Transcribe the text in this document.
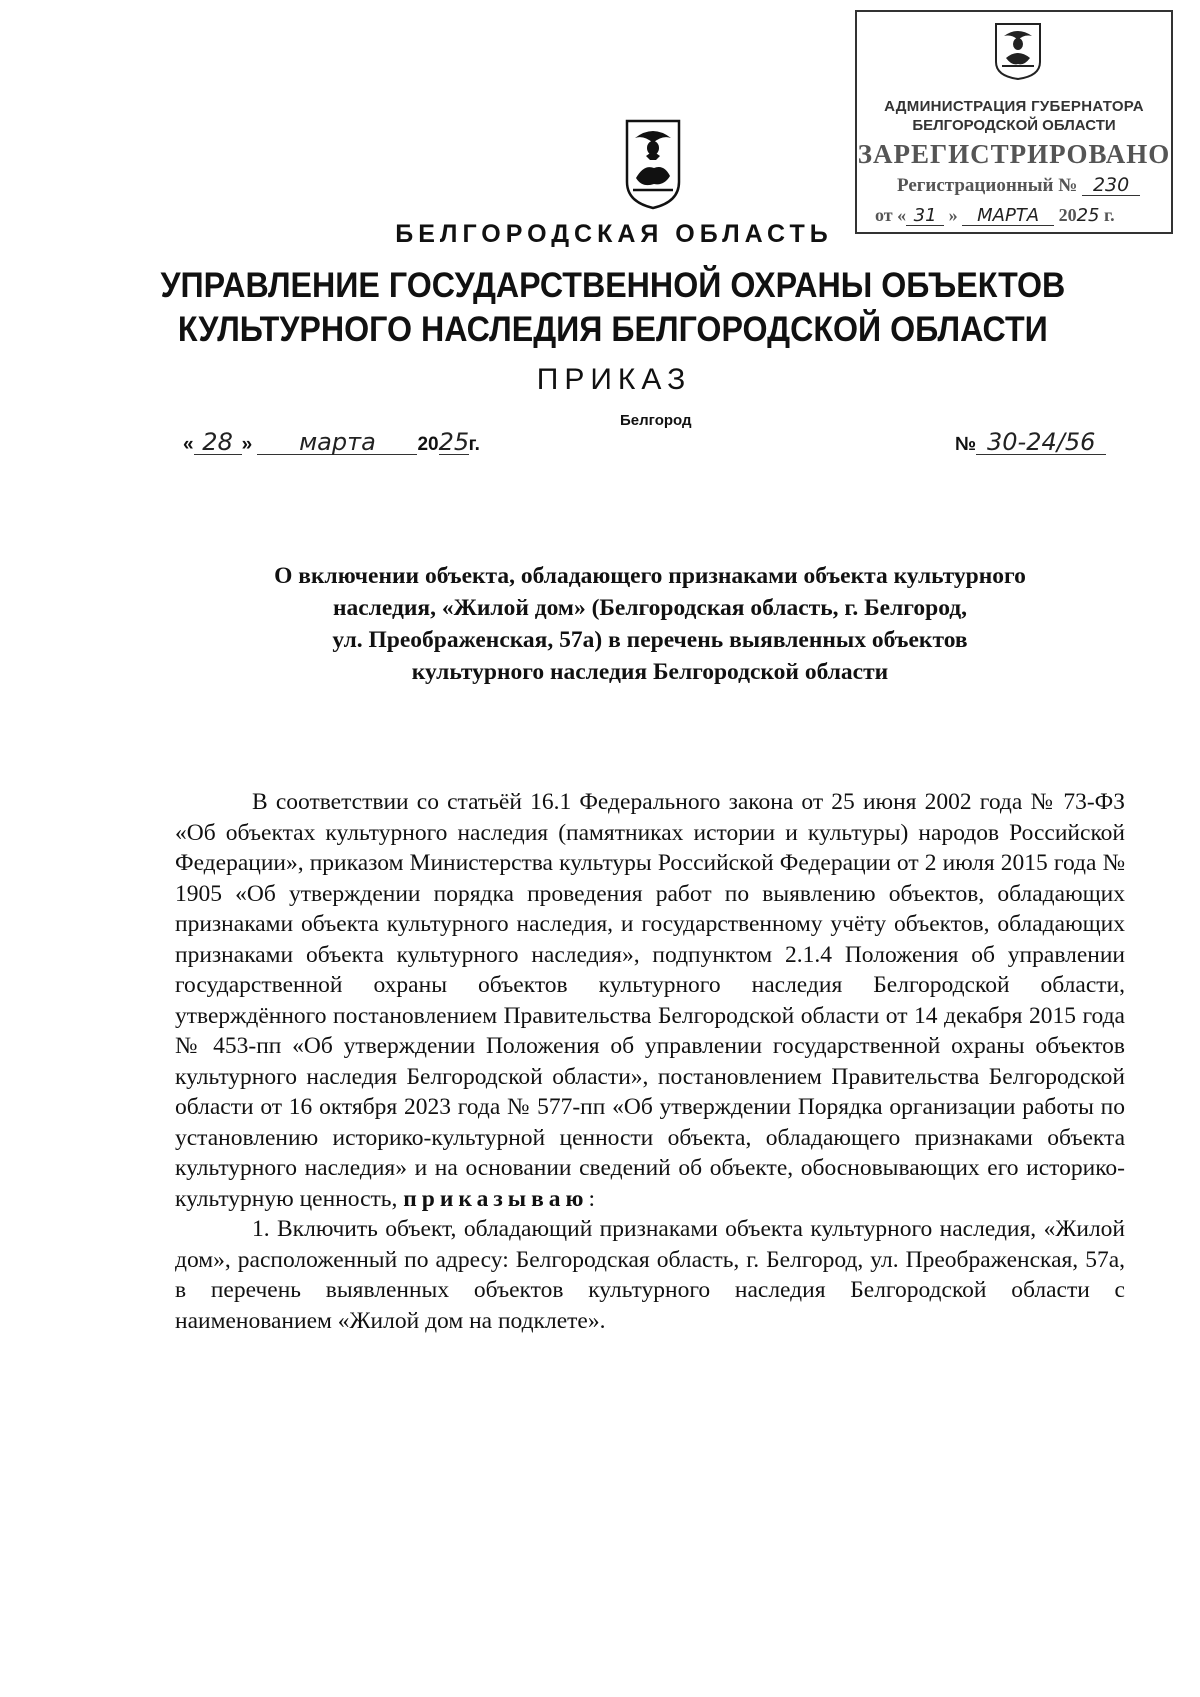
АДМИНИСТРАЦИЯ ГУБЕРНАТОРА
БЕЛГОРОДСКОЙ ОБЛАСТИ
ЗАРЕГИСТРИРОВАНО
Регистрационный № 230
от « 31 » МАРТА 2025 г.
БЕЛГОРОДСКАЯ ОБЛАСТЬ
УПРАВЛЕНИЕ ГОСУДАРСТВЕННОЙ ОХРАНЫ ОБЪЕКТОВ
КУЛЬТУРНОГО НАСЛЕДИЯ БЕЛГОРОДСКОЙ ОБЛАСТИ
ПРИКАЗ
Белгород
« 28 » марта 2025г.	№ 30-24/56
О включении объекта, обладающего признаками объекта культурного
наследия, «Жилой дом» (Белгородская область, г. Белгород,
ул. Преображенская, 57а) в перечень выявленных объектов
культурного наследия Белгородской области

В соответствии со статьёй 16.1 Федерального закона от 25 июня 2002 года № 73-ФЗ «Об объектах культурного наследия (памятниках истории и культуры) народов Российской Федерации», приказом Министерства культуры Российской Федерации от 2 июля 2015 года № 1905 «Об утверждении порядка проведения работ по выявлению объектов, обладающих признаками объекта культурного наследия, и государственному учёту объектов, обладающих признаками объекта культурного наследия», подпунктом 2.1.4 Положения об управлении государственной охраны объектов культурного наследия Белгородской области, утверждённого постановлением Правительства Белгородской области от 14 декабря 2015 года № 453-пп «Об утверждении Положения об управлении государственной охраны объектов культурного наследия Белгородской области», постановлением Правительства Белгородской области от 16 октября 2023 года № 577-пп «Об утверждении Порядка организации работы по установлению историко-культурной ценности объекта, обладающего признаками объекта культурного наследия» и на основании сведений об объекте, обосновывающих его историко-культурную ценность, приказываю:

1. Включить объект, обладающий признаками объекта культурного наследия, «Жилой дом», расположенный по адресу: Белгородская область, г. Белгород, ул. Преображенская, 57а, в перечень выявленных объектов культурного наследия Белгородской области с наименованием «Жилой дом на подклете».
